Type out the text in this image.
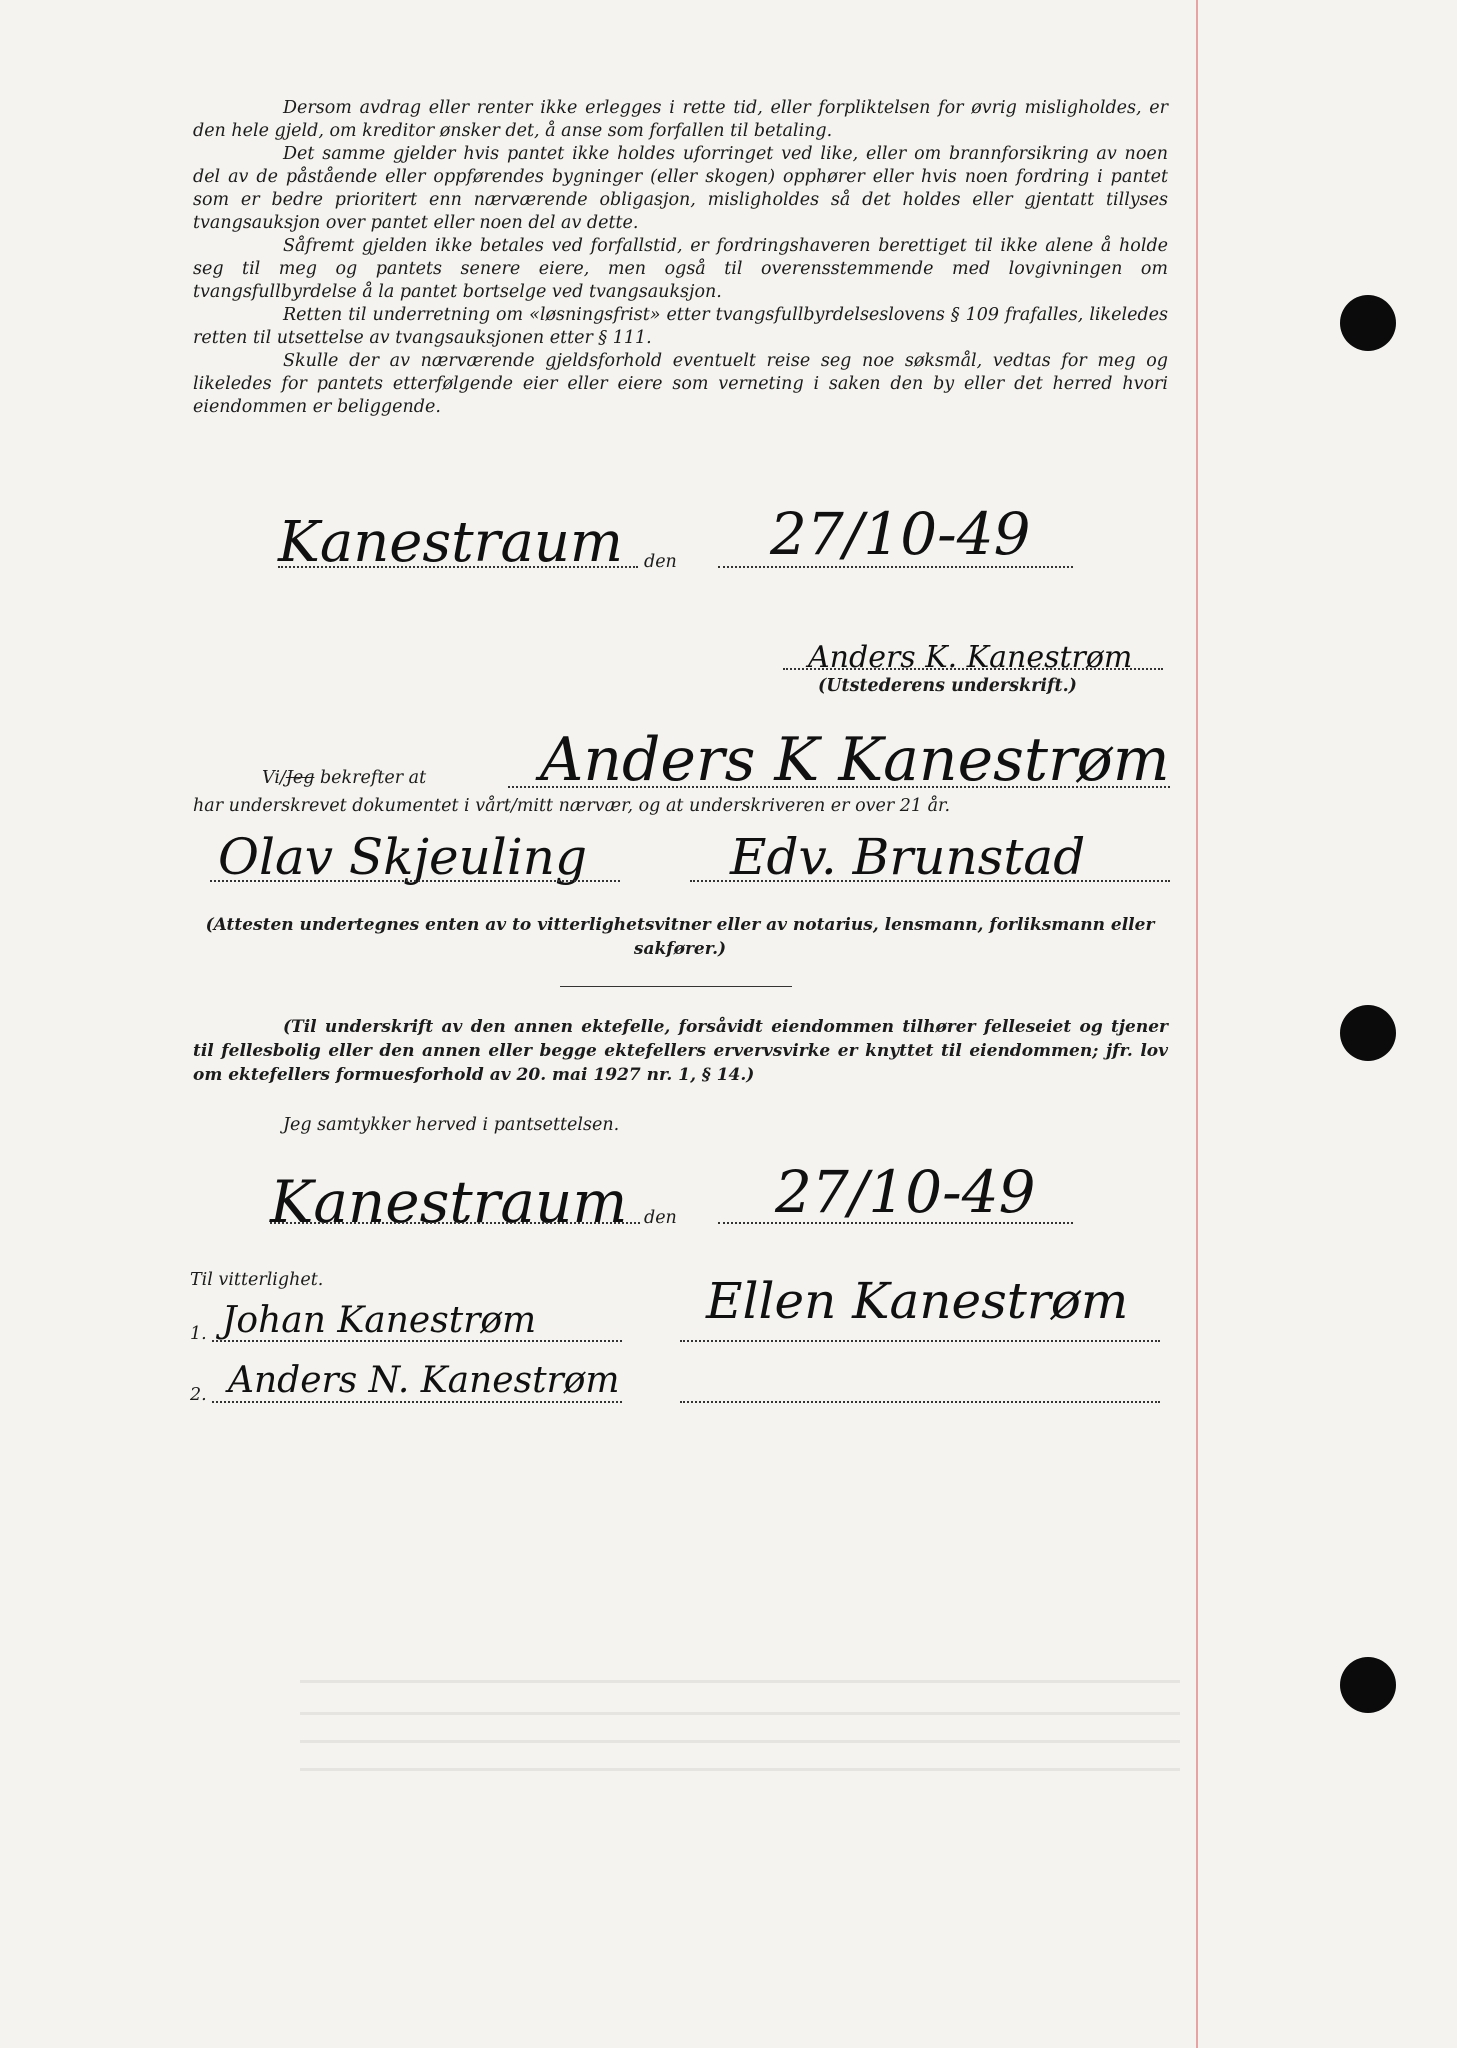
Dersom avdrag eller renter ikke erlegges i rette tid, eller forpliktelsen for øvrig misligholdes, er den hele gjeld, om kreditor ønsker det, å anse som forfallen til betaling.

Det samme gjelder hvis pantet ikke holdes uforringet ved like, eller om brannforsikring av noen del av de påstående eller oppførendes bygninger (eller skogen) opphører eller hvis noen fordring i pantet som er bedre prioritert enn nærværende obligasjon, misligholdes så det holdes eller gjentatt tillyses tvangsauksjon over pantet eller noen del av dette.

Såfremt gjelden ikke betales ved forfallstid, er fordringshaveren berettiget til ikke alene å holde seg til meg og pantets senere eiere, men også til overensstemmende med lovgivningen om tvangsfullbyrdelse å la pantet bortselge ved tvangsauksjon.

Retten til underretning om «løsningsfrist» etter tvangsfullbyrdelseslovens § 109 frafalles, likeledes retten til utsettelse av tvangsauksjonen etter § 111.

Skulle der av nærværende gjeldsforhold eventuelt reise seg noe søksmål, vedtas for meg og likeledes for pantets etterfølgende eier eller eiere som verneting i saken den by eller det herred hvori eiendommen er beliggende.

Kanestraum den 27/10-49
Anders K. Kanestrøm
(Utstederens underskrift.)
Anders K Kanestrøm
Vi/Jeg bekrefter at
har underskrevet dokumentet i vårt/mitt nærvær, og at underskriveren er over 21 år.
Olav Skjeuling	Edv. Brunstad
(Attesten undertegnes enten av to vitterlighetsvitner eller av notarius, lensmann, forliksmann eller sakfører.)
(Til underskrift av den annen ektefelle, forsåvidt eiendommen tilhører felleseiet og tjener til fellesbolig eller den annen eller begge ektefellers ervervsvirke er knyttet til eiendommen; jfr. lov om ektefellers formuesforhold av 20. mai 1927 nr. 1, § 14.)
Jeg samtykker herved i pantsettelsen.
Kanestraum den 27/10-49
Til vitterlighet.
1. Johan Kanestrøm	Ellen Kanestrøm
2. Anders N. Kanestrøm
